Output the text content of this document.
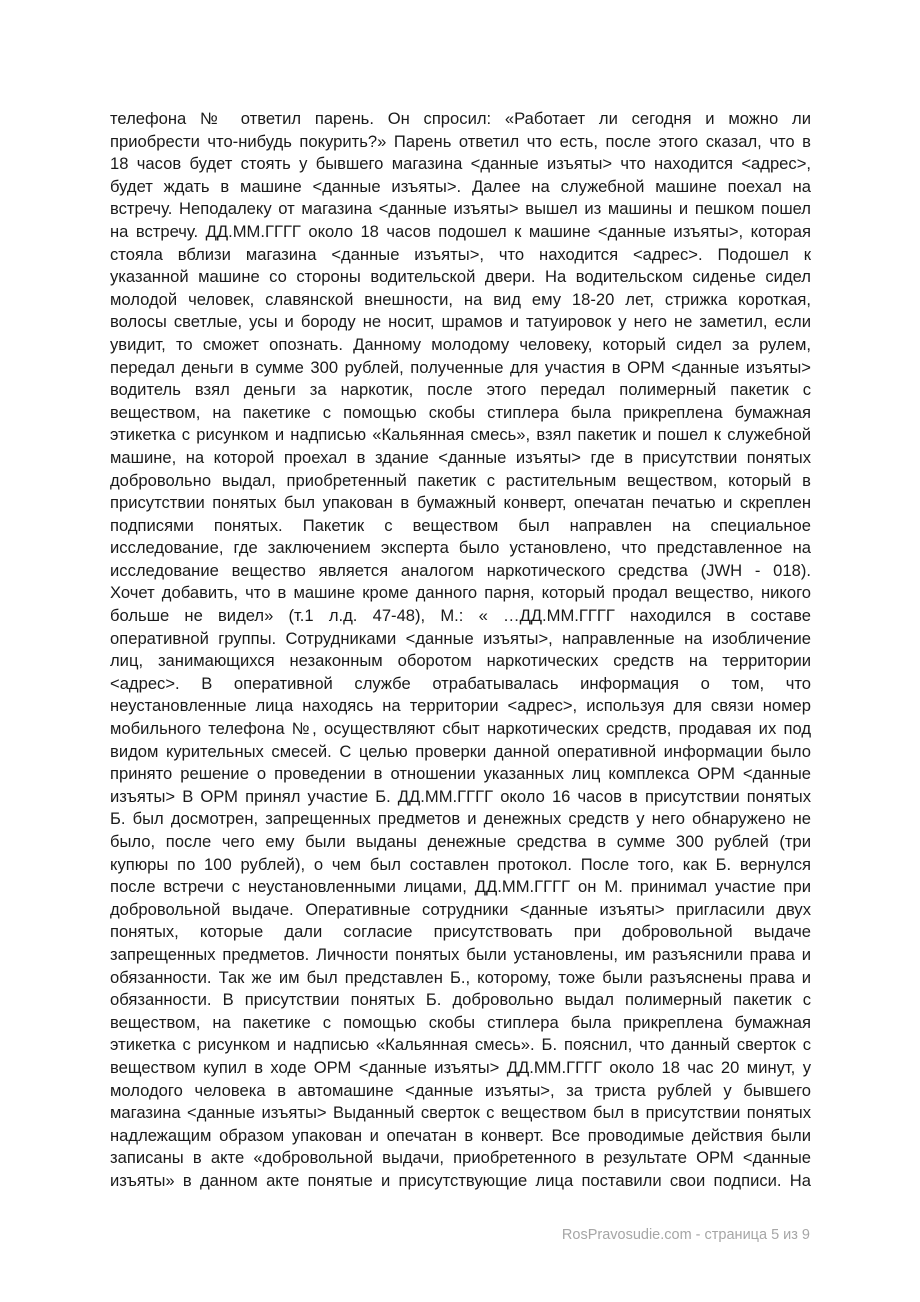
телефона № ответил парень. Он спросил: «Работает ли сегодня и можно ли
приобрести что-нибудь покурить?» Парень ответил что есть, после этого сказал, что в
18 часов будет стоять у бывшего магазина <данные изъяты> что находится <адрес>,
будет ждать в машине <данные изъяты>. Далее на служебной машине поехал на
встречу. Неподалеку от магазина <данные изъяты> вышел из машины и пешком пошел
на встречу. ДД.ММ.ГГГГ около 18 часов подошел к машине <данные изъяты>, которая
стояла вблизи магазина <данные изъяты>, что находится <адрес>. Подошел к
указанной машине со стороны водительской двери. На водительском сиденье сидел
молодой человек, славянской внешности, на вид ему 18-20 лет, стрижка короткая,
волосы светлые, усы и бороду не носит, шрамов и татуировок у него не заметил, если
увидит, то сможет опознать. Данному молодому человеку, который сидел за рулем,
передал деньги в сумме 300 рублей, полученные для участия в ОРМ <данные изъяты>
водитель взял деньги за наркотик, после этого передал полимерный пакетик с
веществом, на пакетике с помощью скобы стиплера была прикреплена бумажная
этикетка с рисунком и надписью «Кальянная смесь», взял пакетик и пошел к служебной
машине, на которой проехал в здание <данные изъяты> где в присутствии понятых
добровольно выдал, приобретенный пакетик с растительным веществом, который в
присутствии понятых был упакован в бумажный конверт, опечатан печатью и скреплен
подписями понятых. Пакетик с веществом был направлен на специальное
исследование, где заключением эксперта было установлено, что представленное на
исследование вещество является аналогом наркотического средства (JWH - 018).
Хочет добавить, что в машине кроме данного парня, который продал вещество, никого
больше не видел» (т.1 л.д. 47-48), М.: « …ДД.ММ.ГГГГ находился в составе
оперативной группы. Сотрудниками <данные изъяты>, направленные на изобличение
лиц, занимающихся незаконным оборотом наркотических средств на территории
<адрес>. В оперативной службе отрабатывалась информация о том, что
неустановленные лица находясь на территории <адрес>, используя для связи номер
мобильного телефона №, осуществляют сбыт наркотических средств, продавая их под
видом курительных смесей. С целью проверки данной оперативной информации было
принято решение о проведении в отношении указанных лиц комплекса ОРМ <данные
изъяты> В ОРМ принял участие Б. ДД.ММ.ГГГГ около 16 часов в присутствии понятых
Б. был досмотрен, запрещенных предметов и денежных средств у него обнаружено не
было, после чего ему были выданы денежные средства в сумме 300 рублей (три
купюры по 100 рублей), о чем был составлен протокол. После того, как Б. вернулся
после встречи с неустановленными лицами, ДД.ММ.ГГГГ он М. принимал участие при
добровольной выдаче. Оперативные сотрудники <данные изъяты> пригласили двух
понятых, которые дали согласие присутствовать при добровольной выдаче
запрещенных предметов. Личности понятых были установлены, им разъяснили права и
обязанности. Так же им был представлен Б., которому, тоже были разъяснены права и
обязанности. В присутствии понятых Б. добровольно выдал полимерный пакетик с
веществом, на пакетике с помощью скобы стиплера была прикреплена бумажная
этикетка с рисунком и надписью «Кальянная смесь». Б. пояснил, что данный сверток с
веществом купил в ходе ОРМ <данные изъяты> ДД.ММ.ГГГГ около 18 час 20 минут, у
молодого человека в автомашине <данные изъяты>, за триста рублей у бывшего
магазина <данные изъяты> Выданный сверток с веществом был в присутствии понятых
надлежащим образом упакован и опечатан в конверт. Все проводимые действия были
записаны в акте «добровольной выдачи, приобретенного в результате ОРМ <данные
изъяты» в данном акте понятые и присутствующие лица поставили свои подписи. На
RosPravosudie.com - страница 5 из 9
